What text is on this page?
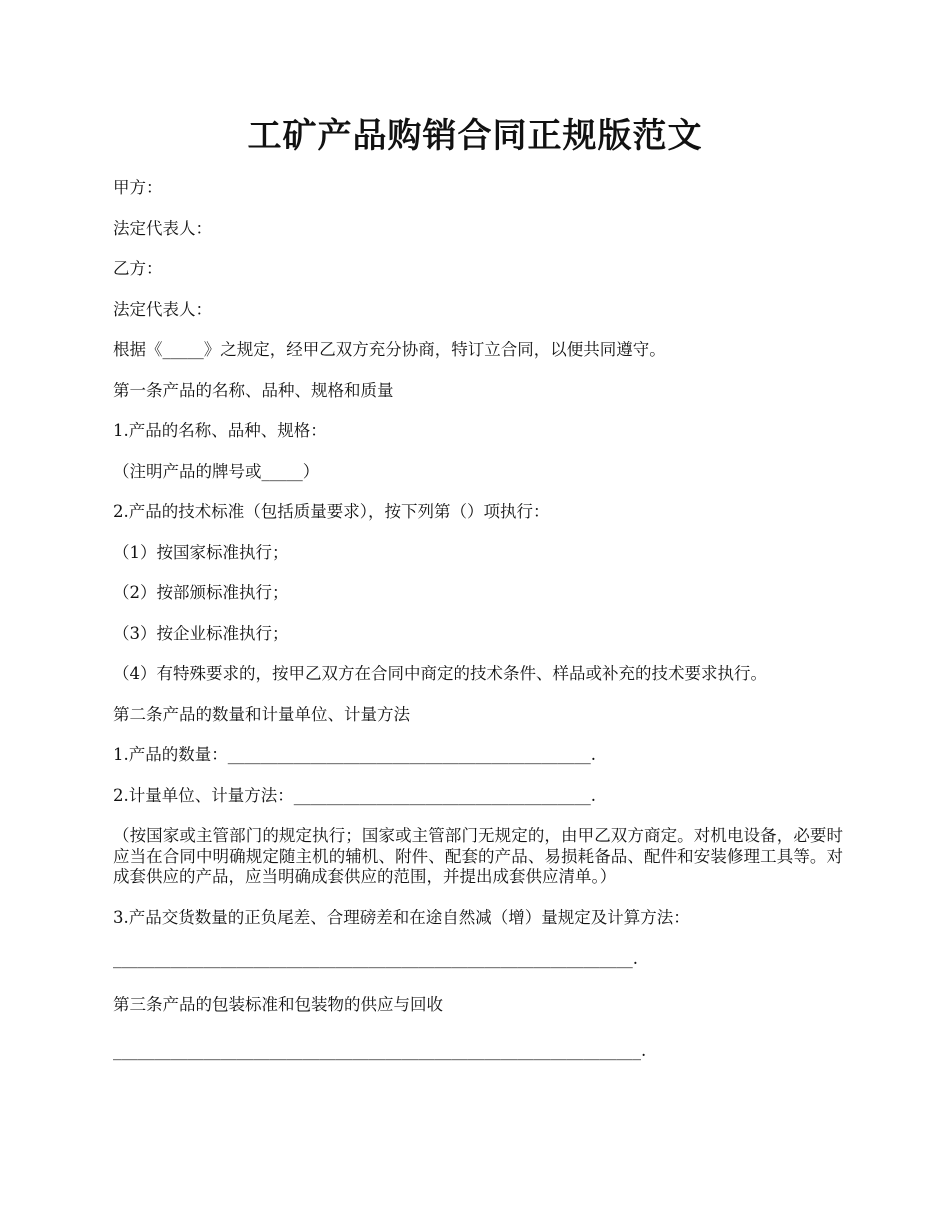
工矿产品购销合同正规版范文

甲方：

法定代表人：

乙方：

法定代表人：

根据《_____》之规定，经甲乙双方充分协商，特订立合同，以便共同遵守。

第一条产品的名称、品种、规格和质量

1.产品的名称、品种、规格：

（注明产品的牌号或_____）

2.产品的技术标准（包括质量要求），按下列第（）项执行：

（1）按国家标准执行；

（2）按部颁标准执行；

（3）按企业标准执行；

（4）有特殊要求的，按甲乙双方在合同中商定的技术条件、样品或补充的技术要求执行。

第二条产品的数量和计量单位、计量方法

1.产品的数量：____________________________________________.

2.计量单位、计量方法：____________________________________.

（按国家或主管部门的规定执行；国家或主管部门无规定的，由甲乙双方商定。对机电设备，必要时应当在合同中明确规定随主机的辅机、附件、配套的产品、易损耗备品、配件和安装修理工具等。对成套供应的产品，应当明确成套供应的范围，并提出成套供应清单。）

3.产品交货数量的正负尾差、合理磅差和在途自然减（增）量规定及计算方法：

_______________________________________________________________.

第三条产品的包装标准和包装物的供应与回收

________________________________________________________________.
